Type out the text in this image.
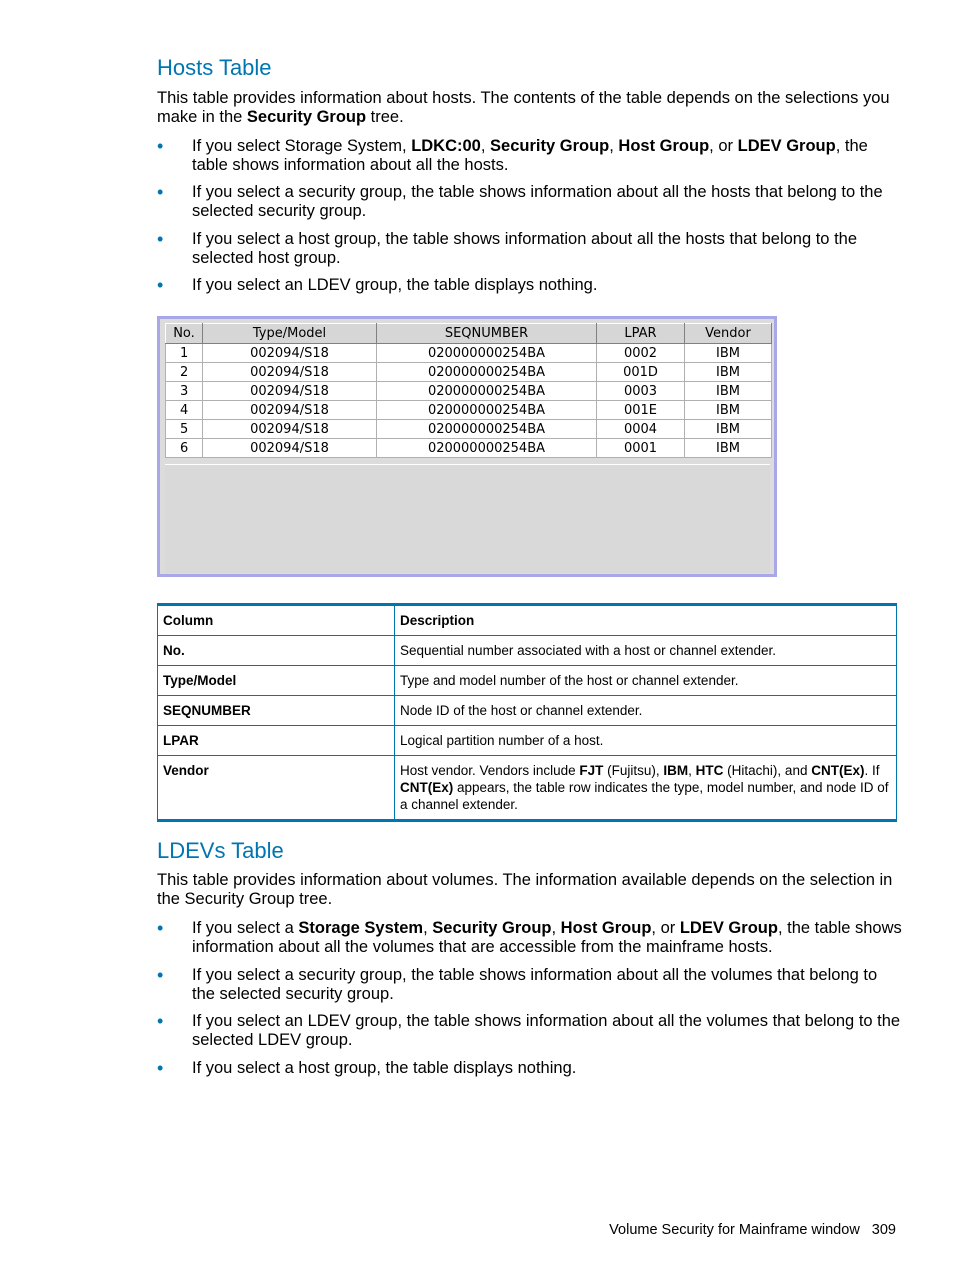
Hosts Table
This table provides information about hosts. The contents of the table depends on the selections you make in the Security Group tree.
• If you select Storage System, LDKC:00, Security Group, Host Group, or LDEV Group, the table shows information about all the hosts.
• If you select a security group, the table shows information about all the hosts that belong to the selected security group.
• If you select a host group, the table shows information about all the hosts that belong to the selected host group.
• If you select an LDEV group, the table displays nothing.
No.	Type/Model	SEQNUMBER	LPAR	Vendor
1	002094/S18	020000000254BA	0002	IBM
2	002094/S18	020000000254BA	001D	IBM
3	002094/S18	020000000254BA	0003	IBM
4	002094/S18	020000000254BA	001E	IBM
5	002094/S18	020000000254BA	0004	IBM
6	002094/S18	020000000254BA	0001	IBM
Column	Description
No.	Sequential number associated with a host or channel extender.
Type/Model	Type and model number of the host or channel extender.
SEQNUMBER	Node ID of the host or channel extender.
LPAR	Logical partition number of a host.
Vendor	Host vendor. Vendors include FJT (Fujitsu), IBM, HTC (Hitachi), and CNT(Ex). If CNT(Ex) appears, the table row indicates the type, model number, and node ID of a channel extender.
LDEVs Table
This table provides information about volumes. The information available depends on the selection in the Security Group tree.
• If you select a Storage System, Security Group, Host Group, or LDEV Group, the table shows information about all the volumes that are accessible from the mainframe hosts.
• If you select a security group, the table shows information about all the volumes that belong to the selected security group.
• If you select an LDEV group, the table shows information about all the volumes that belong to the selected LDEV group.
• If you select a host group, the table displays nothing.
Volume Security for Mainframe window 309
